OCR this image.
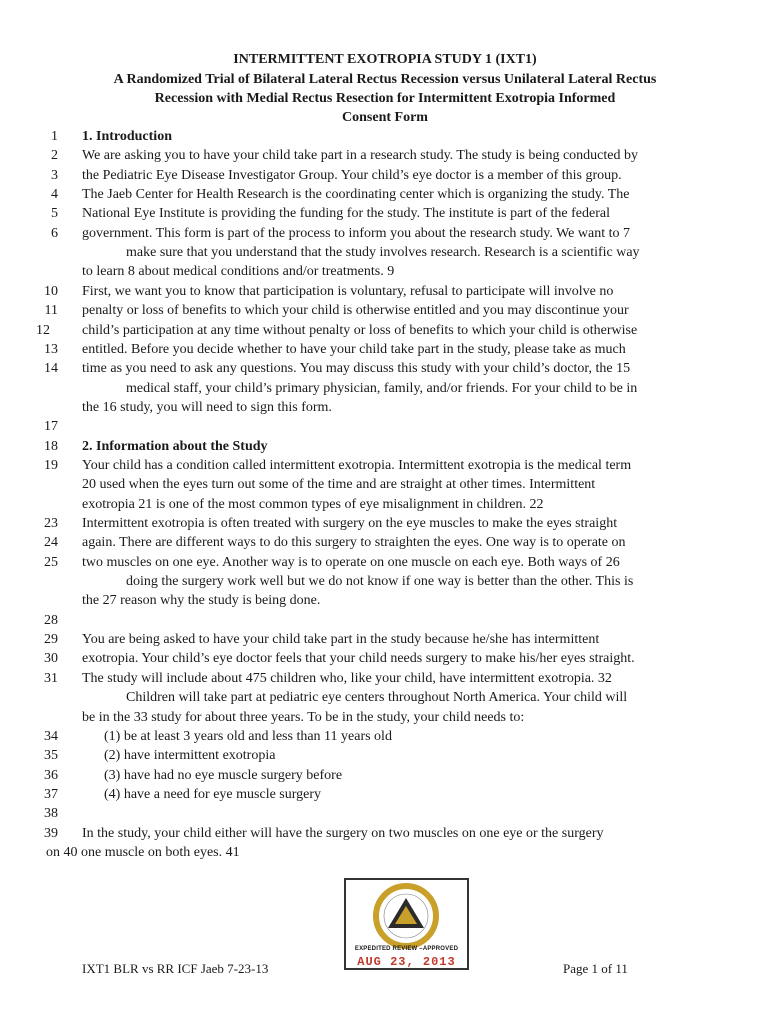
INTERMITTENT EXOTROPIA STUDY 1 (IXT1)
A Randomized Trial of Bilateral Lateral Rectus Recession versus Unilateral Lateral Rectus
Recession with Medial Rectus Resection for Intermittent Exotropia Informed
Consent Form
1 1. Introduction
2 We are asking you to have your child take part in a research study. The study is being conducted by
3 the Pediatric Eye Disease Investigator Group. Your child’s eye doctor is a member of this group.
4 The Jaeb Center for Health Research is the coordinating center which is organizing the study. The
5 National Eye Institute is providing the funding for the study. The institute is part of the federal
6 government. This form is part of the process to inform you about the research study. We want to 7
make sure that you understand that the study involves research. Research is a scientific way
to learn 8 about medical conditions and/or treatments. 9
10 First, we want you to know that participation is voluntary, refusal to participate will involve no
11 penalty or loss of benefits to which your child is otherwise entitled and you may discontinue your
12 child’s participation at any time without penalty or loss of benefits to which your child is otherwise
13 entitled. Before you decide whether to have your child take part in the study, please take as much
14 time as you need to ask any questions. You may discuss this study with your child’s doctor, the 15
medical staff, your child’s primary physician, family, and/or friends. For your child to be in
the 16 study, you will need to sign this form.
17
18 2. Information about the Study
19 Your child has a condition called intermittent exotropia. Intermittent exotropia is the medical term
20 used when the eyes turn out some of the time and are straight at other times. Intermittent
exotropia 21 is one of the most common types of eye misalignment in children. 22
23 Intermittent exotropia is often treated with surgery on the eye muscles to make the eyes straight
24 again. There are different ways to do this surgery to straighten the eyes. One way is to operate on
25 two muscles on one eye. Another way is to operate on one muscle on each eye. Both ways of 26
doing the surgery work well but we do not know if one way is better than the other. This is
the 27 reason why the study is being done.
28
29 You are being asked to have your child take part in the study because he/she has intermittent
30 exotropia. Your child’s eye doctor feels that your child needs surgery to make his/her eyes straight.
31 The study will include about 475 children who, like your child, have intermittent exotropia. 32
Children will take part at pediatric eye centers throughout North America. Your child will
be in the 33 study for about three years. To be in the study, your child needs to:
34	(1) be at least 3 years old and less than 11 years old
35	(2) have intermittent exotropia
36	(3) have had no eye muscle surgery before
37	(4) have a need for eye muscle surgery
38
39 In the study, your child either will have the surgery on two muscles on one eye or the surgery
on 40 one muscle on both eyes. 41
EXPEDITED REVIEW –APPROVED
AUG 23, 2013
IXT1 BLR vs RR ICF Jaeb 7-23-13	Page 1 of 11
